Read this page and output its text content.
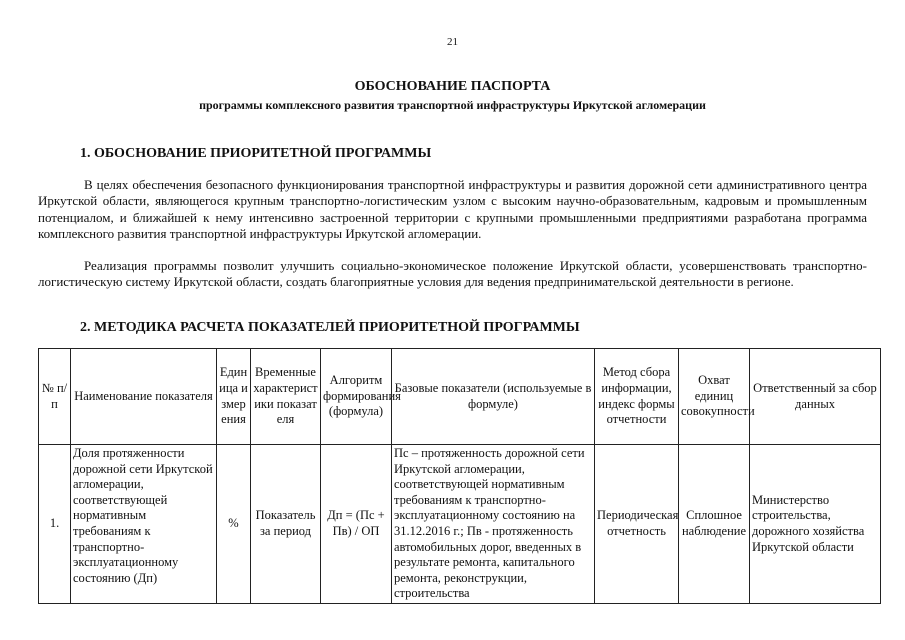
21
ОБОСНОВАНИЕ ПАСПОРТА
программы комплексного развития транспортной инфраструктуры Иркутской агломерации
1. ОБОСНОВАНИЕ ПРИОРИТЕТНОЙ ПРОГРАММЫ

В целях обеспечения безопасного функционирования транспортной инфраструктуры и развития дорожной сети административного центра Иркутской области, являющегося крупным транспортно-логистическим узлом с высоким научно-образовательным, кадровым и промышленным потенциалом, и ближайшей к нему интенсивно застроенной территории с крупными промышленными предприятиями разработана программа комплексного развития транспортной инфраструктуры Иркутской агломерации.

Реализация программы позволит улучшить социально-экономическое положение Иркутской области, усовершенствовать транспортно-логистическую систему Иркутской области, создать благоприятные условия для ведения предпринимательской деятельности в регионе.

2. МЕТОДИКА РАСЧЕТА ПОКАЗАТЕЛЕЙ ПРИОРИТЕТНОЙ ПРОГРАММЫ
№ п/п	Наименование показателя	Единица измерения	Временные характеристики показателя	Алгоритм формирования (формула)	Базовые показатели (используемые в формуле)	Метод сбора информации, индекс формы отчетности	Охват единиц совокупности	Ответственный за сбор данных
1.	Доля протяженности дорожной сети Иркутской агломерации, соответствующей нормативным требованиям к транспортно-эксплуатационному состоянию (Дп)	%	Показатель за период	Дп = (Пс + Пв) / ОП	Пс – протяженность дорожной сети Иркутской агломерации, соответствующей нормативным требованиям к транспортно-эксплуатационному состоянию на 31.12.2016 г.; Пв - протяженность автомобильных дорог, введенных в результате ремонта, капитального ремонта, реконструкции, строительства	Периодическая отчетность	Сплошное наблюдение	Министерство строительства, дорожного хозяйства Иркутской области
